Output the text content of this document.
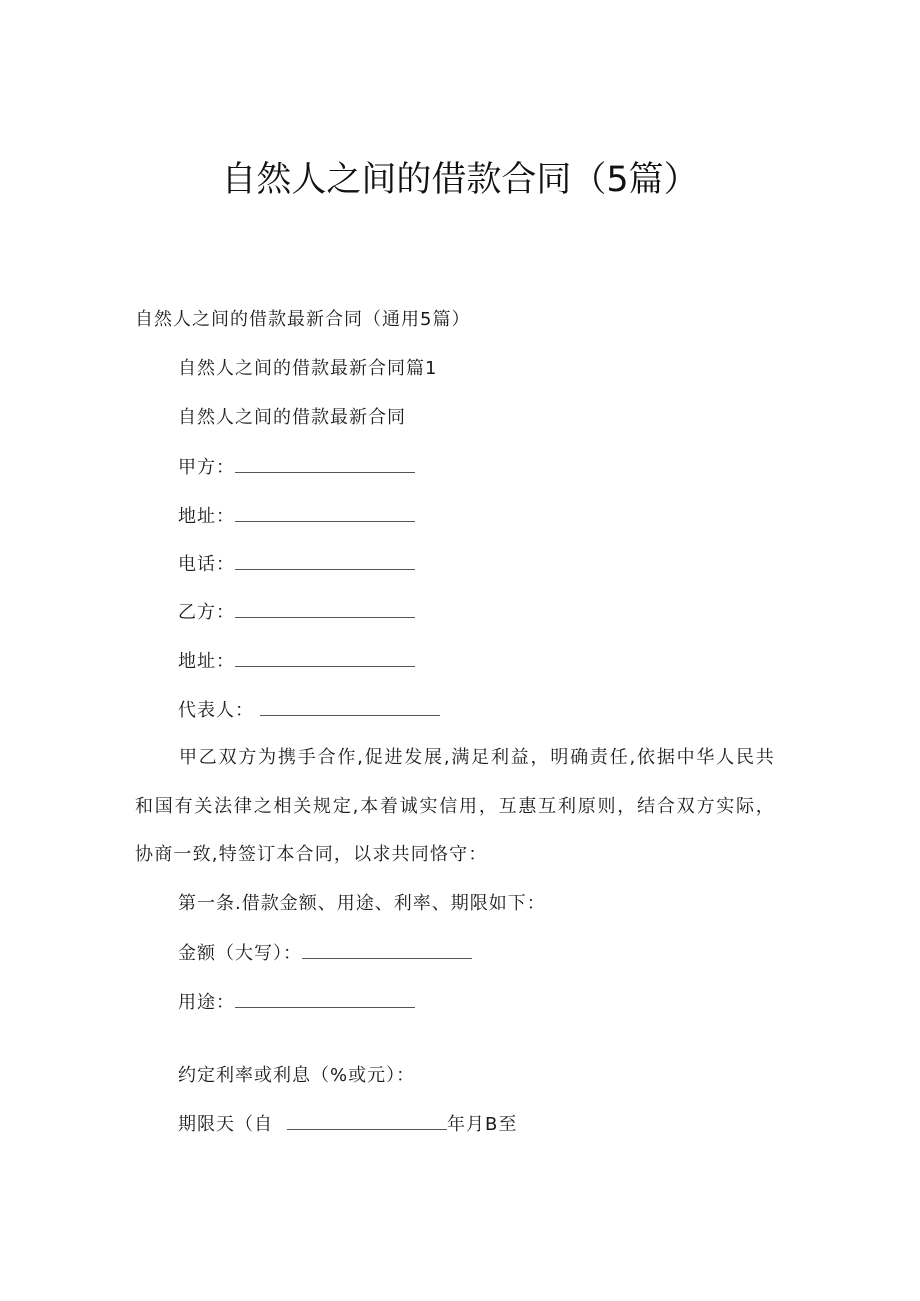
自然人之间的借款合同（5篇）
自然人之间的借款最新合同（通用5篇）
自然人之间的借款最新合同篇1
自然人之间的借款最新合同
甲方：
地址：
电话：
乙方：
地址：
代表人：
甲乙双方为携手合作,促进发展,满足利益，明确责任,依据中华人民共和国有关法律之相关规定,本着诚实信用，互惠互利原则，结合双方实际，协商一致,特签订本合同，以求共同恪守：
第一条.借款金额、用途、利率、期限如下：
金额（大写）：
用途：
约定利率或利息（%或元）：
期限天（自	年月B至
